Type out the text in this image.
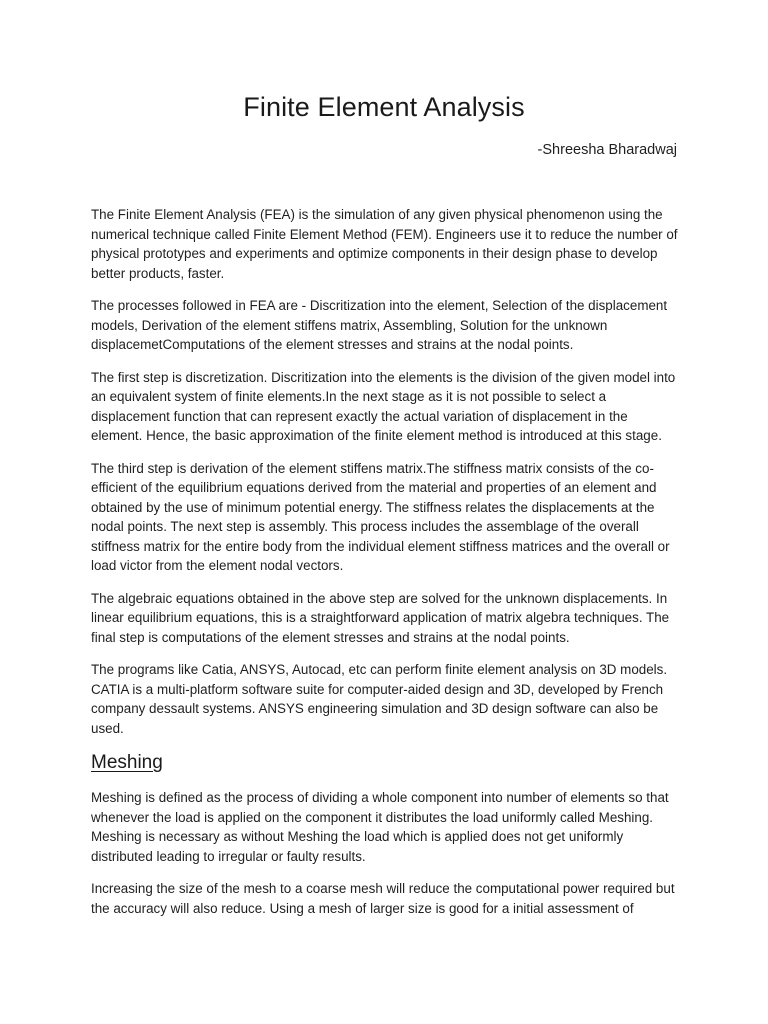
Finite Element Analysis

-Shreesha Bharadwaj

The Finite Element Analysis (FEA) is the simulation of any given physical phenomenon using the numerical technique called Finite Element Method (FEM). Engineers use it to reduce the number of physical prototypes and experiments and optimize components in their design phase to develop better products, faster.

The processes followed in FEA are - Discritization into the element, Selection of the displacement models, Derivation of the element stiffens matrix, Assembling, Solution for the unknown displacemetComputations of the element stresses and strains at the nodal points.

The first step is discretization. Discritization into the elements is the division of the given model into an equivalent system of finite elements.In the next stage as it is not possible to select a displacement function that can represent exactly the actual variation of displacement in the element. Hence, the basic approximation of the finite element method is introduced at this stage.

The third step is derivation of the element stiffens matrix.The stiffness matrix consists of the co-efficient of the equilibrium equations derived from the material and properties of an element and obtained by the use of minimum potential energy. The stiffness relates the displacements at the nodal points. The next step is assembly. This process includes the assemblage of the overall stiffness matrix for the entire body from the individual element stiffness matrices and the overall or load victor from the element nodal vectors.

The algebraic equations obtained in the above step are solved for the unknown displacements. In linear equilibrium equations, this is a straightforward application of matrix algebra techniques. The final step is computations of the element stresses and strains at the nodal points.

The programs like Catia, ANSYS, Autocad, etc can perform finite element analysis on 3D models. CATIA is a multi-platform software suite for computer-aided design and 3D, developed by French company dessault systems. ANSYS engineering simulation and 3D design software can also be used.

Meshing

Meshing is defined as the process of dividing a whole component into number of elements so that whenever the load is applied on the component it distributes the load uniformly called Meshing. Meshing is necessary as without Meshing the load which is applied does not get uniformly distributed leading to irregular or faulty results.

Increasing the size of the mesh to a coarse mesh will reduce the computational power required but the accuracy will also reduce. Using a mesh of larger size is good for a initial assessment of
